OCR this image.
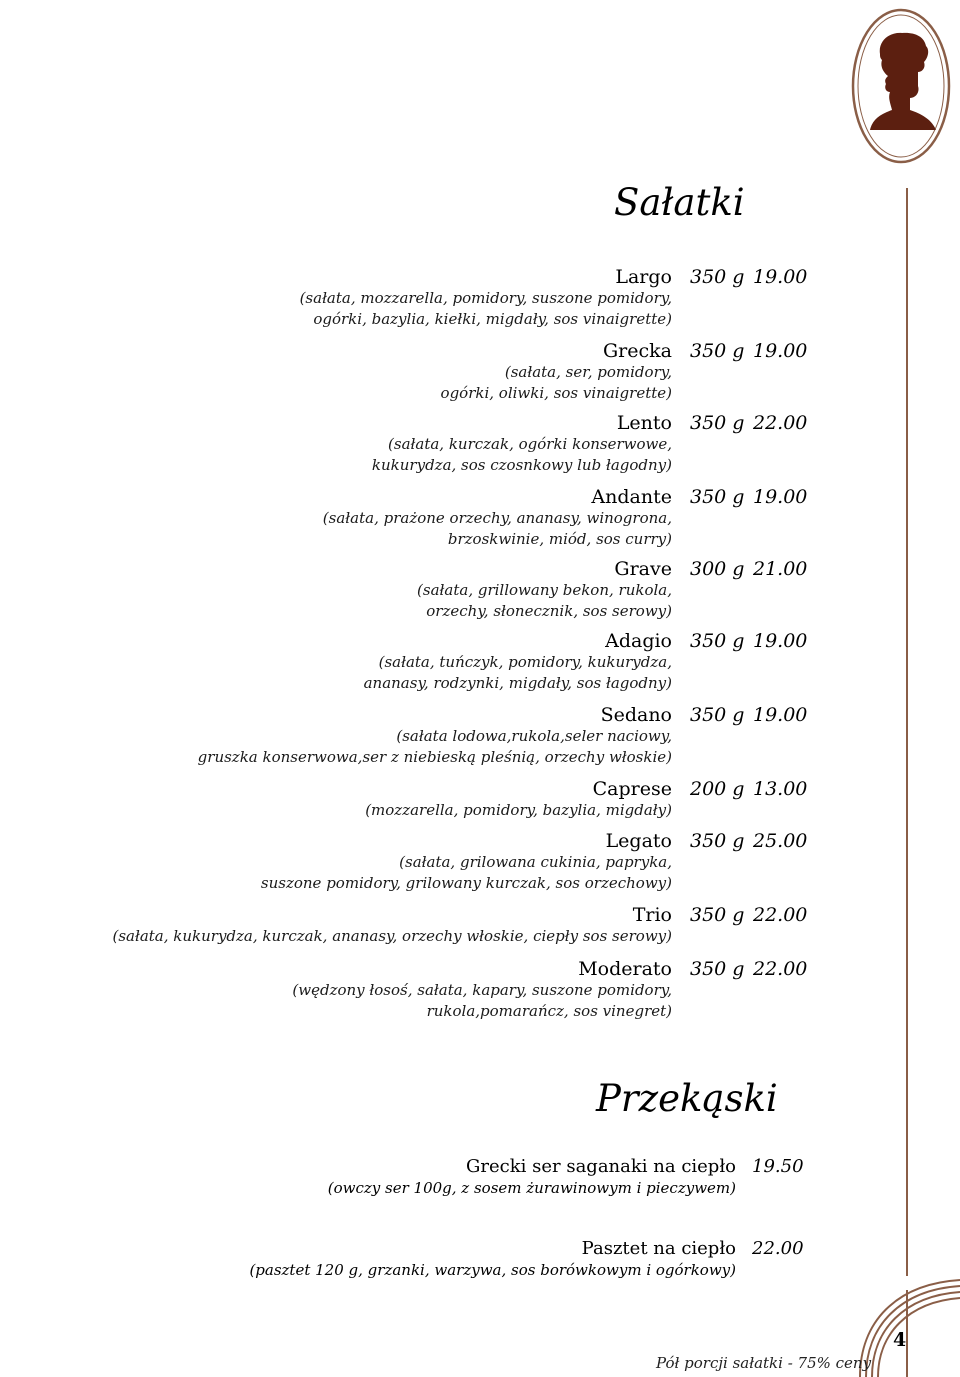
Sałatki
Largo
(sałata, mozzarella, pomidory, suszone pomidory,
ogórki, bazylia, kiełki, migdały, sos vinaigrette)
350 g 19.00
Grecka
(sałata, ser, pomidory,
ogórki, oliwki, sos vinaigrette)
350 g 19.00
Lento
(sałata, kurczak, ogórki konserwowe,
kukurydza, sos czosnkowy lub łagodny)
350 g 22.00
Andante
(sałata, prażone orzechy, ananasy, winogrona,
brzoskwinie, miód, sos curry)
350 g 19.00
Grave
(sałata, grillowany bekon, rukola,
orzechy, słonecznik, sos serowy)
300 g 21.00
Adagio
(sałata, tuńczyk, pomidory, kukurydza,
ananasy, rodzynki, migdały, sos łagodny)
350 g 19.00
Sedano
(sałata lodowa,rukola,seler naciowy,
gruszka konserwowa,ser z niebieską pleśnią, orzechy włoskie)
350 g 19.00
Caprese
(mozzarella, pomidory, bazylia, migdały)
200 g 13.00
Legato
(sałata, grilowana cukinia, papryka,
suszone pomidory, grilowany kurczak, sos orzechowy)
350 g 25.00
Trio
(sałata, kukurydza, kurczak, ananasy, orzechy włoskie, ciepły sos serowy)
350 g 22.00
Moderato
(wędzony łosoś, sałata, kapary, suszone pomidory,
rukola,pomarańcz, sos vinegret)
350 g 22.00
Przekąski
Grecki ser saganaki na ciepło
(owczy ser 100g, z sosem żurawinowym i pieczywem)
19.50
Pasztet na ciepło
(pasztet 120 g, grzanki, warzywa, sos borówkowym i ogórkowy)
22.00
Pół porcji sałatki - 75% ceny
4
